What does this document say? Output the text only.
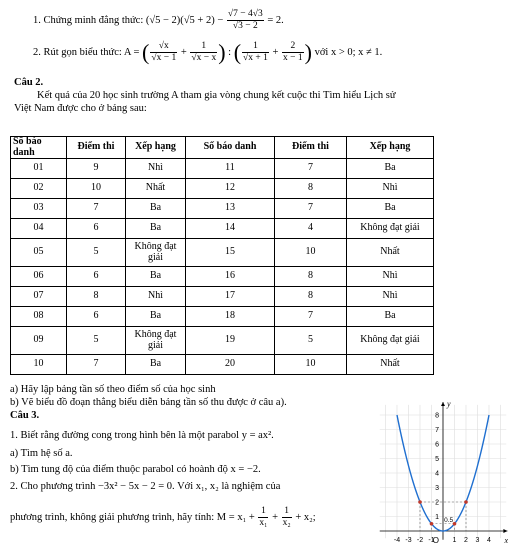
1. Chứng minh đẳng thức: $(√5 - 2)(√5 + 2) - \frac{√7 - 4√3}{√3 - 2} = 2$.
2. Rút gọn biểu thức: A = ( $\frac{√x}{√x - 1} + \frac{1}{√x - x}$ ) : ( $\frac{1}{√x + 1} + \frac{2}{x - 1}$ ) với x > 0; x ≠ 1.
Câu 2.
Kết quả của 20 học sinh trường A tham gia vòng chung kết cuộc thi Tìm hiểu Lịch sử
Việt Nam được cho ở bảng sau:
Số báo danh	Điểm thi	Xếp hạng	Số báo danh	Điểm thi	Xếp hạng
01	9	Nhì	11	7	Ba
02	10	Nhất	12	8	Nhì
03	7	Ba	13	7	Ba
04	6	Ba	14	4	Không đạt giải
05	5	Không đạt giải	15	10	Nhất
06	6	Ba	16	8	Nhì
07	8	Nhì	17	8	Nhì
08	6	Ba	18	7	Ba
09	5	Không đạt giải	19	5	Không đạt giải
10	7	Ba	20	10	Nhất
a) Hãy lập bảng tần số theo điểm số của học sinh
b) Vẽ biểu đồ đoạn thẳng biểu diễn bảng tần số thu được ở câu a).
Câu 3.
1. Biết rằng đường cong trong hình bên là một parabol y = ax².
a) Tìm hệ số a.
b) Tìm tung độ của điểm thuộc parabol có hoành độ x = −2.
2. Cho phương trình −3x² − 5x − 2 = 0. Với x₁, x₂ là nghiệm của
phương trình, không giải phương trình, hãy tính: $M = x_1 + \frac{1}{\text{x₁}} + \frac{1}{\text{x₂}} + x_2$;
-4 -3 -2 -1	1 2 3 4
1
2
3
4
5
6
7
8
O	x
y
0.5
